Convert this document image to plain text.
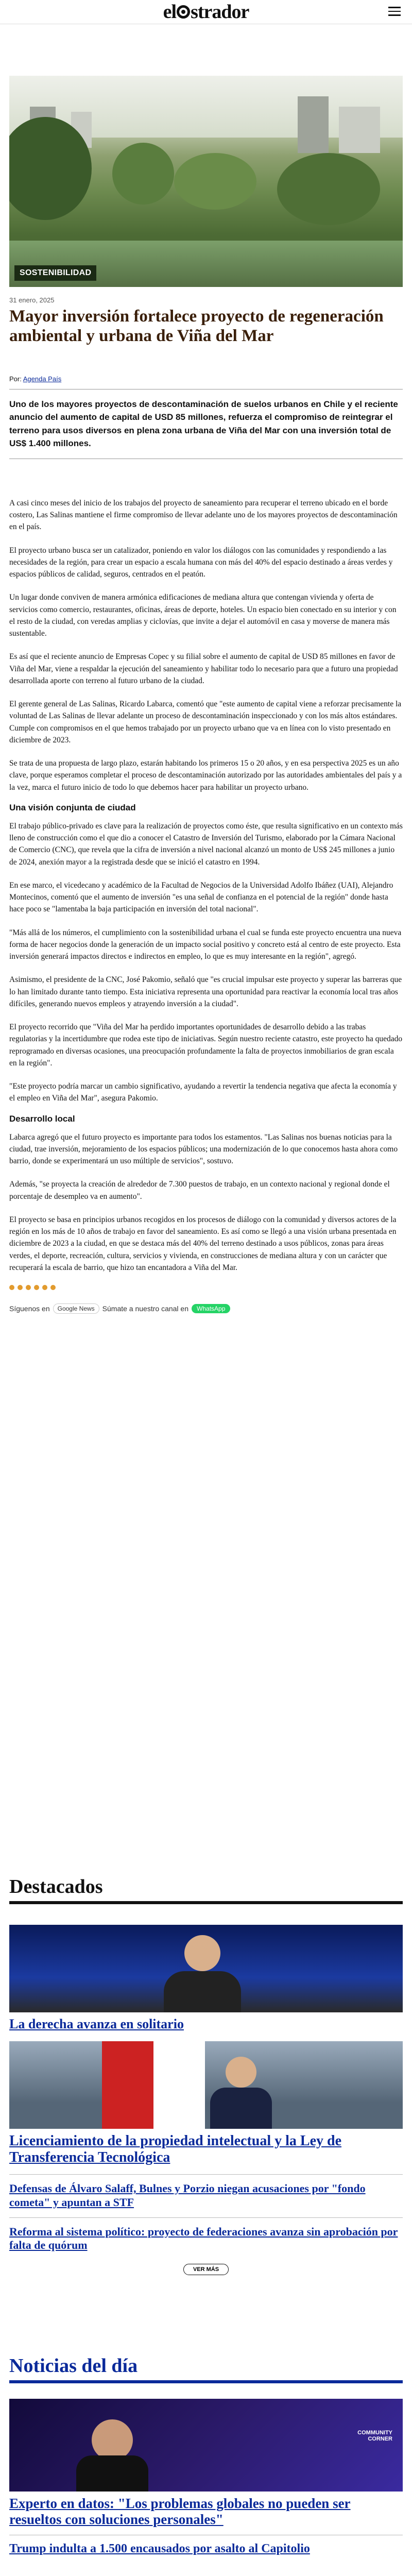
el strador
SOSTENIBILIDAD
31 enero, 2025
Mayor inversión fortalece proyecto de regeneración ambiental y urbana de Viña del Mar
Por: Agenda País
Uno de los mayores proyectos de descontaminación de suelos urbanos en Chile y el reciente anuncio del aumento de capital de USD 85 millones, refuerza el compromiso de reintegrar el terreno para usos diversos en plena zona urbana de Viña del Mar con una inversión total de US$ 1.400 millones.

A casi cinco meses del inicio de los trabajos del proyecto de saneamiento para recuperar el terreno ubicado en el borde costero, Las Salinas mantiene el firme compromiso de llevar adelante uno de los mayores proyectos de descontaminación en el país.

El proyecto urbano busca ser un catalizador, poniendo en valor los diálogos con las comunidades y respondiendo a las necesidades de la región, para crear un espacio a escala humana con más del 40% del espacio destinado a áreas verdes y espacios públicos de calidad, seguros, centrados en el peatón.

Un lugar donde conviven de manera armónica edificaciones de mediana altura que contengan vivienda y oferta de servicios como comercio, restaurantes, oficinas, áreas de deporte, hoteles. Un espacio bien conectado en su interior y con el resto de la ciudad, con veredas amplias y ciclovías, que invite a dejar el automóvil en casa y moverse de manera más sustentable.

Es así que el reciente anuncio de Empresas Copec y su filial sobre el aumento de capital de USD 85 millones en favor de Viña del Mar, viene a respaldar la ejecución del saneamiento y habilitar todo lo necesario para que a futuro una propiedad desarrollada aporte con terreno al futuro urbano de la ciudad.

El gerente general de Las Salinas, Ricardo Labarca, comentó que "este aumento de capital viene a reforzar precisamente la voluntad de Las Salinas de llevar adelante un proceso de descontaminación inspeccionado y con los más altos estándares. Cumple con compromisos en el que hemos trabajado por un proyecto urbano que va en línea con lo visto presentado en diciembre de 2023.

Se trata de una propuesta de largo plazo, estarán habitando los primeros 15 o 20 años, y en esa perspectiva 2025 es un año clave, porque esperamos completar el proceso de descontaminación autorizado por las autoridades ambientales del país y a la vez, marca el futuro inicio de todo lo que debemos hacer para habilitar un proyecto urbano.

Una visión conjunta de ciudad

El trabajo público-privado es clave para la realización de proyectos como éste, que resulta significativo en un contexto más lleno de construcción como el que dio a conocer el Catastro de Inversión del Turismo, elaborado por la Cámara Nacional de Comercio (CNC), que revela que la cifra de inversión a nivel nacional alcanzó un monto de US$ 245 millones a junio de 2024, anexión mayor a la registrada desde que se inició el catastro en 1994.

En ese marco, el vicedecano y académico de la Facultad de Negocios de la Universidad Adolfo Ibáñez (UAI), Alejandro Montecinos, comentó que el aumento de inversión "es una señal de confianza en el potencial de la región" donde hasta hace poco se "lamentaba la baja participación en inversión del total nacional".

"Más allá de los números, el cumplimiento con la sostenibilidad urbana el cual se funda este proyecto encuentra una nueva forma de hacer negocios donde la generación de un impacto social positivo y concreto está al centro de este proyecto. Esta inversión generará impactos directos e indirectos en empleo, lo que es muy interesante en la región", agregó.

Asimismo, el presidente de la CNC, José Pakomio, señaló que "es crucial impulsar este proyecto y superar las barreras que lo han limitado durante tanto tiempo. Esta iniciativa representa una oportunidad para reactivar la economía local tras años difíciles, generando nuevos empleos y atrayendo inversión a la ciudad".

El proyecto recorrido que "Viña del Mar ha perdido importantes oportunidades de desarrollo debido a las trabas regulatorias y la incertidumbre que rodea este tipo de iniciativas. Según nuestro reciente catastro, este proyecto ha quedado reprogramado en diversas ocasiones, una preocupación profundamente la falta de proyectos inmobiliarios de gran escala en la región".

"Este proyecto podría marcar un cambio significativo, ayudando a revertir la tendencia negativa que afecta la economía y el empleo en Viña del Mar", asegura Pakomio.

Desarrollo local

Labarca agregó que el futuro proyecto es importante para todos los estamentos. "Las Salinas nos buenas noticias para la ciudad, trae inversión, mejoramiento de los espacios públicos; una modernización de lo que conocemos hasta ahora como barrio, donde se experimentará un uso múltiple de servicios", sostuvo.

Además, "se proyecta la creación de alrededor de 7.300 puestos de trabajo, en un contexto nacional y regional donde el porcentaje de desempleo va en aumento".

El proyecto se basa en principios urbanos recogidos en los procesos de diálogo con la comunidad y diversos actores de la región en los más de 10 años de trabajo en favor del saneamiento. Es así como se llegó a una visión urbana presentada en diciembre de 2023 a la ciudad, en que se destaca más del 40% del terreno destinado a usos públicos, zonas para áreas verdes, el deporte, recreación, cultura, servicios y vivienda, en construcciones de mediana altura y con un carácter que recuperará la escala de barrio, que hizo tan encantadora a Viña del Mar.

Síguenos en	Google News	Súmate a nuestro canal en	WhatsApp
Destacados
La derecha avanza en solitario
Licenciamiento de la propiedad intelectual y la Ley de Transferencia Tecnológica
Defensas de Álvaro Salaff, Bulnes y Porzio niegan acusaciones por "fondo cometa" y apuntan a STF
Reforma al sistema político: proyecto de federaciones avanza sin aprobación por falta de quórum
VER MÁS
Noticias del día
COMMUNITY CORNER
Experto en datos: "Los problemas globales no pueden ser resueltos con soluciones personales"
Trump indulta a 1.500 encausados por asalto al Capitolio
